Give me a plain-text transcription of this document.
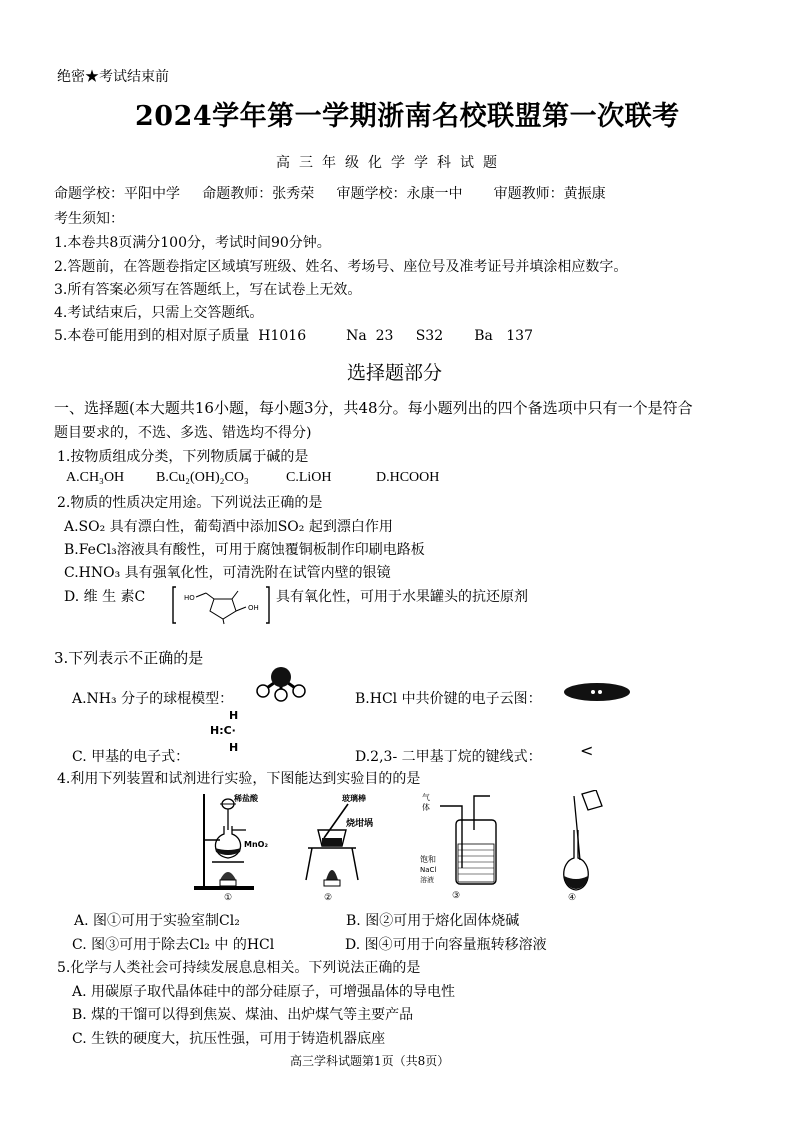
绝密★考试结束前
2024学年第一学期浙南名校联盟第一次联考
高三年级化学学科试题
命题学校：平阳中学     命题教师：张秀荣     审题学校：永康一中       审题教师：黄振康
考生须知：
1.本卷共8页满分100分，考试时间90分钟。
2.答题前，在答题卷指定区域填写班级、姓名、考场号、座位号及准考证号并填涂相应数字。
3.所有答案必须写在答题纸上，写在试卷上无效。
4.考试结束后，只需上交答题纸。
5.本卷可能用到的相对原子质量  H1016         Na  23     S32       Ba   137
选择题部分
一、选择题(本大题共16小题，每小题3分，共48分。每小题列出的四个备选项中只有一个是符合
题目要求的，不选、多选、错选均不得分)
1.按物质组成分类，下列物质属于碱的是
A.CH₃OH B.Cu₂(OH)₂CO₃	C.LiOH	D.HCOOH
2.物质的性质决定用途。下列说法正确的是
A.SO₂ 具有漂白性，葡萄酒中添加SO₂ 起到漂白作用
B.FeCl₃溶液具有酸性，可用于腐蚀覆铜板制作印刷电路板
C.HNO₃ 具有强氧化性，可清洗附在试管内壁的银镜
D. 维 生 素C	HO
OH
具有氧化性，可用于水果罐头的抗还原剂
3.下列表示不正确的是
A.NH₃ 分子的球棍模型：	B.HCl 中共价键的电子云图：
H
H:C·
H
C. 甲基的电子式：	D.2,3- 二甲基丁烷的键线式： <
4.利用下列装置和试剂进行实验，下图能达到实验目的的是
稀盐酸
MnO₂
①
玻璃棒
烧坩埚
②
气
体
饱和
NaCl
溶液
③	④
A. 图①可用于实验室制Cl₂	B. 图②可用于熔化固体烧碱
C. 图③可用于除去Cl₂ 中 的HCl	D. 图④可用于向容量瓶转移溶液
5.化学与人类社会可持续发展息息相关。下列说法正确的是
A. 用碳原子取代晶体硅中的部分硅原子，可增强晶体的导电性
B. 煤的干馏可以得到焦炭、煤油、出炉煤气等主要产品
C. 生铁的硬度大，抗压性强，可用于铸造机器底座
高三学科试题第1页（共8页）
